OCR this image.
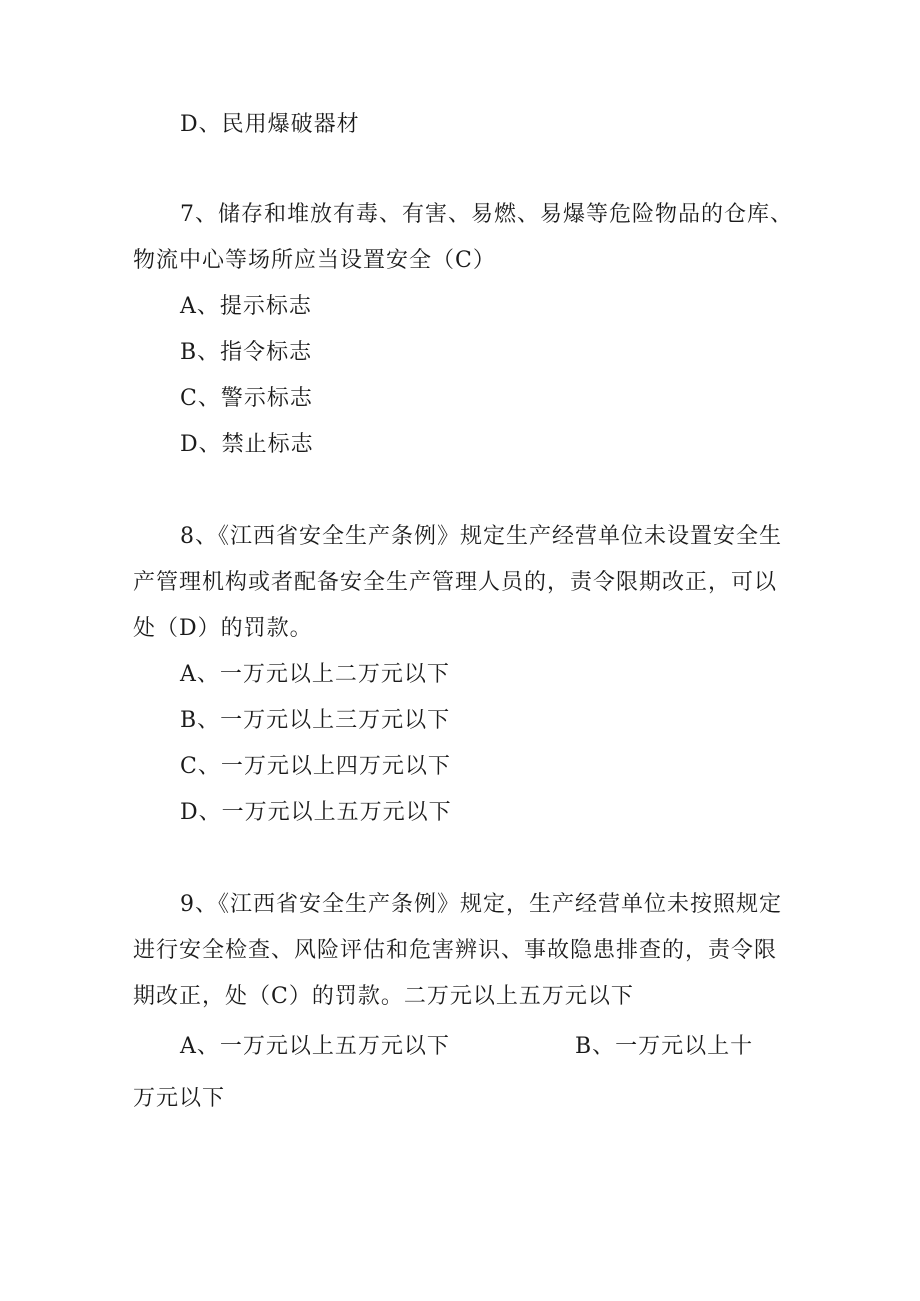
D、民用爆破器材
7、储存和堆放有毒、有害、易燃、易爆等危险物品的仓库、
物流中心等场所应当设置安全（C）
A、提示标志
B、指令标志
C、警示标志
D、禁止标志
8、《江西省安全生产条例》规定生产经营单位未设置安全生
产管理机构或者配备安全生产管理人员的，责令限期改正，可以
处（D）的罚款。
A、一万元以上二万元以下
B、一万元以上三万元以下
C、一万元以上四万元以下
D、一万元以上五万元以下
9、《江西省安全生产条例》规定，生产经营单位未按照规定
进行安全检查、风险评估和危害辨识、事故隐患排查的，责令限
期改正，处（C）的罚款。二万元以上五万元以下
A、一万元以上五万元以下	B、一万元以上十
万元以下
